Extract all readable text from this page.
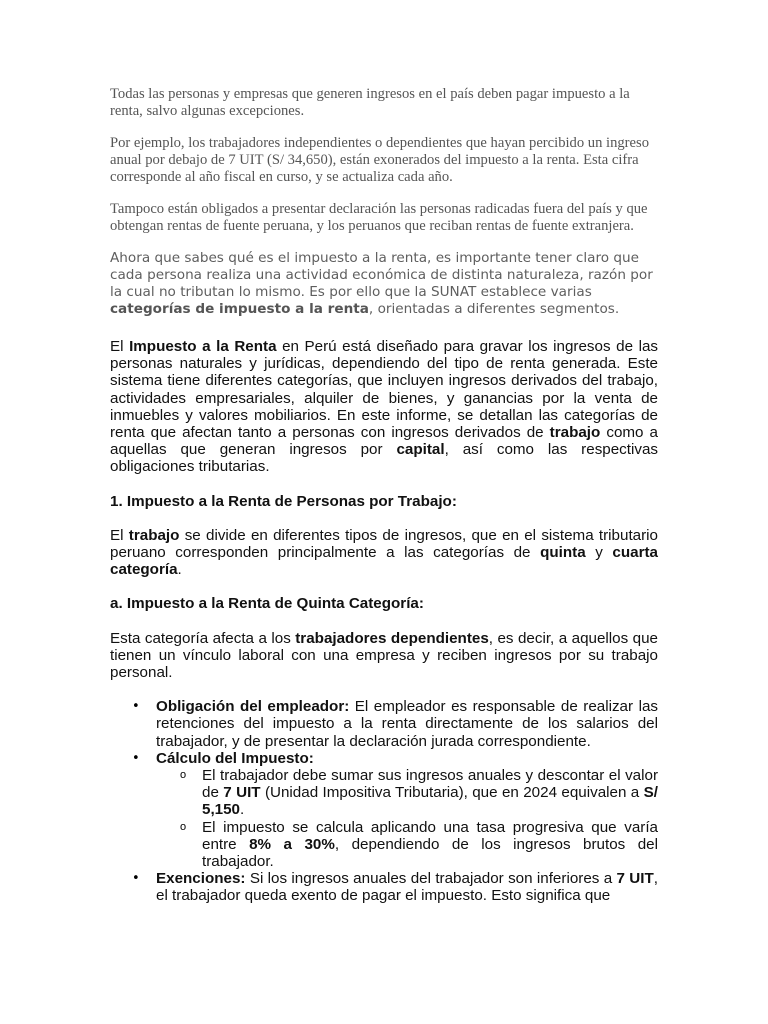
Todas las personas y empresas que generen ingresos en el país deben pagar impuesto a la renta, salvo algunas excepciones.

Por ejemplo, los trabajadores independientes o dependientes que hayan percibido un ingreso anual por debajo de 7 UIT (S/ 34,650), están exonerados del impuesto a la renta. Esta cifra corresponde al año fiscal en curso, y se actualiza cada año.

Tampoco están obligados a presentar declaración las personas radicadas fuera del país y que obtengan rentas de fuente peruana, y los peruanos que reciban rentas de fuente extranjera.

Ahora que sabes qué es el impuesto a la renta, es importante tener claro que cada persona realiza una actividad económica de distinta naturaleza, razón por la cual no tributan lo mismo. Es por ello que la SUNAT establece varias categorías de impuesto a la renta, orientadas a diferentes segmentos.

El Impuesto a la Renta en Perú está diseñado para gravar los ingresos de las personas naturales y jurídicas, dependiendo del tipo de renta generada. Este sistema tiene diferentes categorías, que incluyen ingresos derivados del trabajo, actividades empresariales, alquiler de bienes, y ganancias por la venta de inmuebles y valores mobiliarios. En este informe, se detallan las categorías de renta que afectan tanto a personas con ingresos derivados de trabajo como a aquellas que generan ingresos por capital, así como las respectivas obligaciones tributarias.

1. Impuesto a la Renta de Personas por Trabajo:

El trabajo se divide en diferentes tipos de ingresos, que en el sistema tributario peruano corresponden principalmente a las categorías de quinta y cuarta categoría.

a. Impuesto a la Renta de Quinta Categoría:

Esta categoría afecta a los trabajadores dependientes, es decir, a aquellos que tienen un vínculo laboral con una empresa y reciben ingresos por su trabajo personal.

• Obligación del empleador: El empleador es responsable de realizar las retenciones del impuesto a la renta directamente de los salarios del trabajador, y de presentar la declaración jurada correspondiente.

• Cálculo del Impuesto:

o El trabajador debe sumar sus ingresos anuales y descontar el valor de 7 UIT (Unidad Impositiva Tributaria), que en 2024 equivalen a S/ 5,150.

o El impuesto se calcula aplicando una tasa progresiva que varía entre 8% a 30%, dependiendo de los ingresos brutos del trabajador.

• Exenciones: Si los ingresos anuales del trabajador son inferiores a 7 UIT, el trabajador queda exento de pagar el impuesto. Esto significa que
